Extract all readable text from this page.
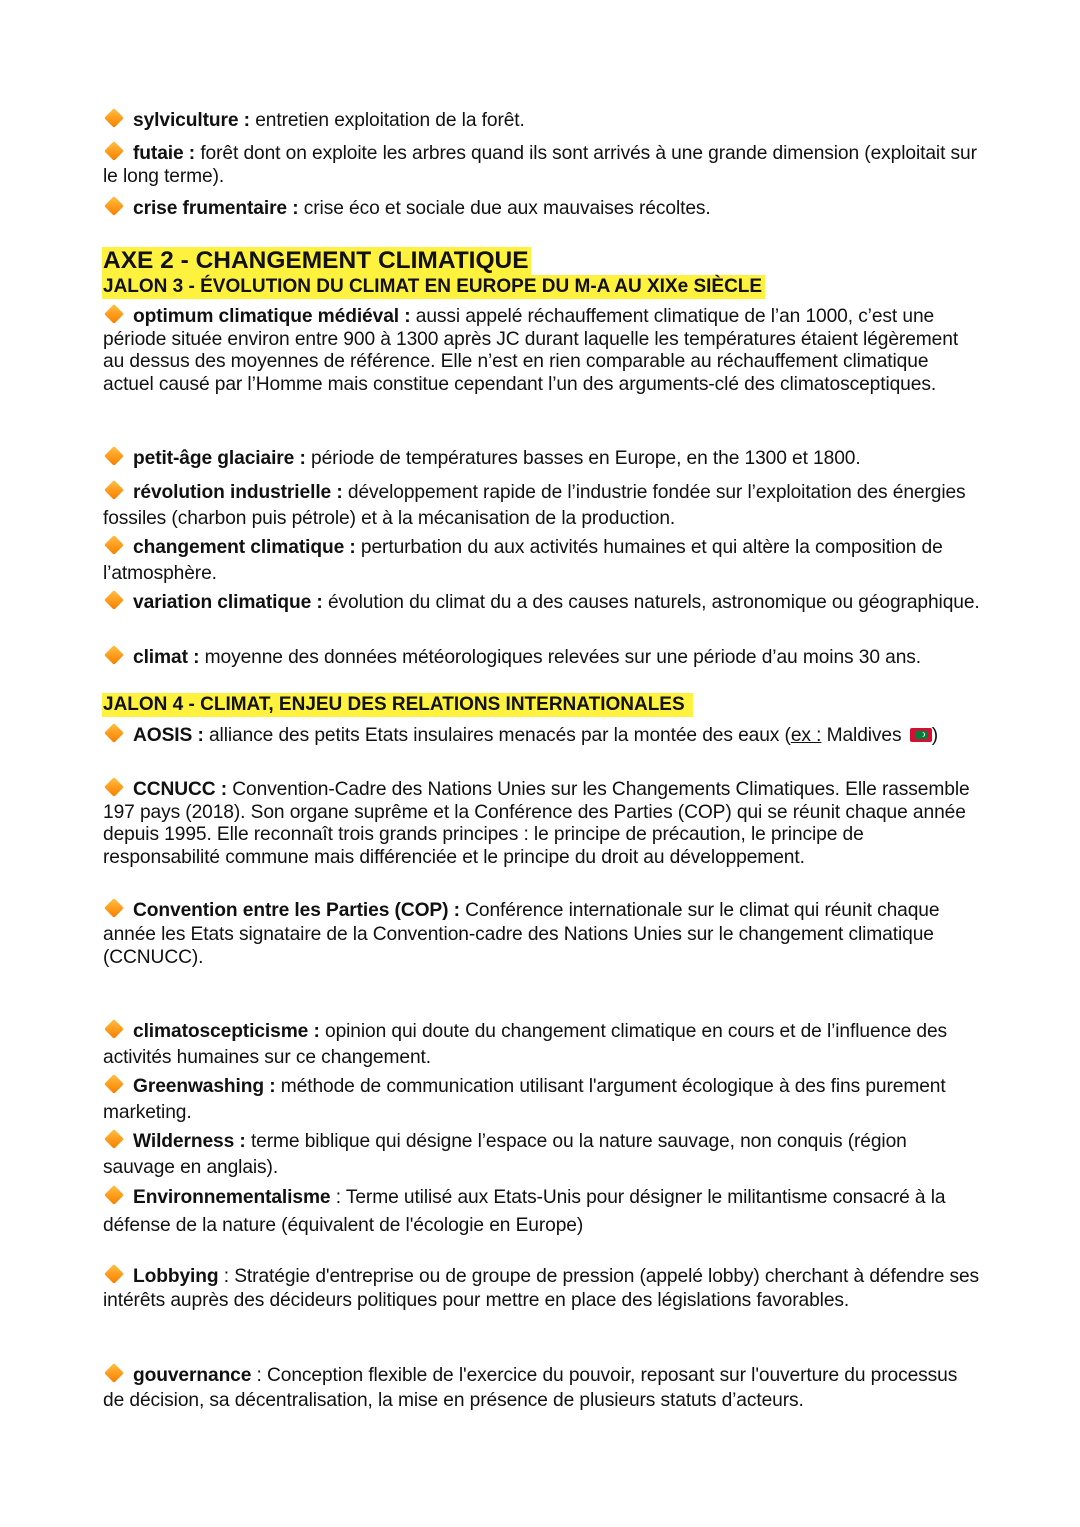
sylviculture : entretien exploitation de la forêt.
futaie : forêt dont on exploite les arbres quand ils sont arrivés à une grande dimension (exploitait sur le long terme).
crise frumentaire : crise éco et sociale due aux mauvaises récoltes.
AXE 2 - CHANGEMENT CLIMATIQUE
JALON 3 - ÉVOLUTION DU CLIMAT EN EUROPE DU M-A AU XIXe SIÈCLE
optimum climatique médiéval : aussi appelé réchauffement climatique de l’an 1000, c’est une période située environ entre 900 à 1300 après JC durant laquelle les températures étaient légèrement au dessus des moyennes de référence. Elle n’est en rien comparable au réchauffement climatique actuel causé par l’Homme mais constitue cependant l’un des arguments-clé des climatosceptiques.
petit-âge glaciaire : période de températures basses en Europe, en the 1300 et 1800.
révolution industrielle : développement rapide de l’industrie fondée sur l’exploitation des énergies fossiles (charbon puis pétrole) et à la mécanisation de la production.
changement climatique : perturbation du aux activités humaines et qui altère la composition de l’atmosphère.
variation climatique : évolution du climat du a des causes naturels, astronomique ou géographique.
climat : moyenne des données météorologiques relevées sur une période d’au moins 30 ans.
JALON 4 - CLIMAT, ENJEU DES RELATIONS INTERNATIONALES
AOSIS : alliance des petits Etats insulaires menacés par la montée des eaux (ex : Maldives )
CCNUCC : Convention-Cadre des Nations Unies sur les Changements Climatiques. Elle rassemble 197 pays (2018). Son organe suprême et la Conférence des Parties (COP) qui se réunit chaque année depuis 1995. Elle reconnaît trois grands principes : le principe de précaution, le principe de responsabilité commune mais différenciée et le principe du droit au développement.
Convention entre les Parties (COP) : Conférence internationale sur le climat qui réunit chaque année les Etats signataire de la Convention-cadre des Nations Unies sur le changement climatique (CCNUCC).
climatoscepticisme : opinion qui doute du changement climatique en cours et de l’influence des activités humaines sur ce changement.
Greenwashing : méthode de communication utilisant l'argument écologique à des fins purement marketing.
Wilderness : terme biblique qui désigne l’espace ou la nature sauvage, non conquis (région sauvage en anglais).
Environnementalisme : Terme utilisé aux Etats-Unis pour désigner le militantisme consacré à la défense de la nature (équivalent de l'écologie en Europe)
Lobbying : Stratégie d'entreprise ou de groupe de pression (appelé lobby) cherchant à défendre ses intérêts auprès des décideurs politiques pour mettre en place des législations favorables.
gouvernance : Conception flexible de l'exercice du pouvoir, reposant sur l'ouverture du processus de décision, sa décentralisation, la mise en présence de plusieurs statuts d’acteurs.
